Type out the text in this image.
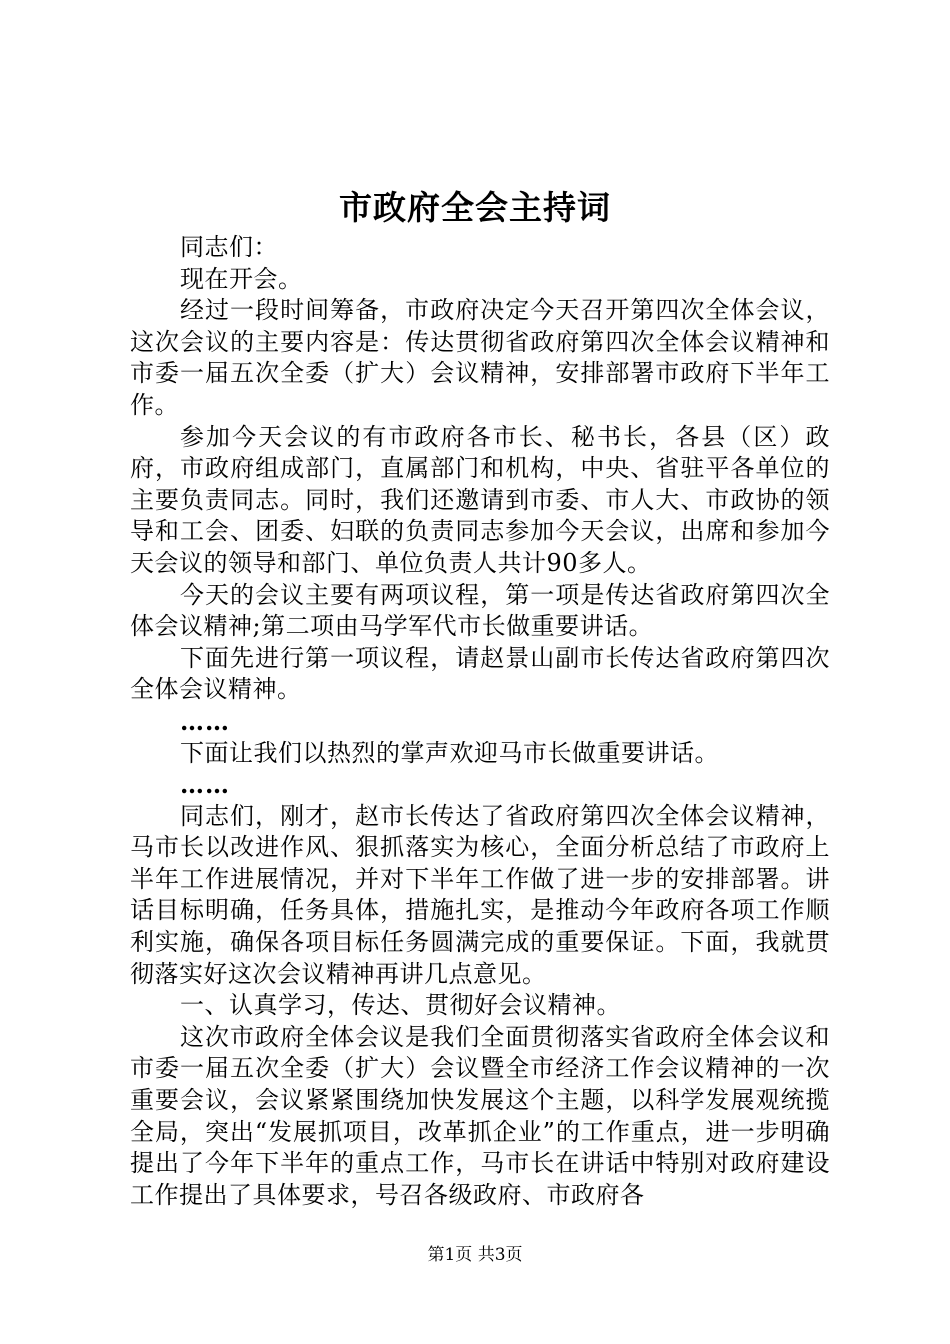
市政府全会主持词

同志们：

现在开会。

经过一段时间筹备，市政府决定今天召开第四次全体会议，这次会议的主要内容是：传达贯彻省政府第四次全体会议精神和市委一届五次全委（扩大）会议精神，安排部署市政府下半年工作。

参加今天会议的有市政府各市长、秘书长，各县（区）政府，市政府组成部门，直属部门和机构，中央、省驻平各单位的主要负责同志。同时，我们还邀请到市委、市人大、市政协的领导和工会、团委、妇联的负责同志参加今天会议，出席和参加今天会议的领导和部门、单位负责人共计90多人。

今天的会议主要有两项议程，第一项是传达省政府第四次全体会议精神;第二项由马学军代市长做重要讲话。

下面先进行第一项议程，请赵景山副市长传达省政府第四次全体会议精神。

……

下面让我们以热烈的掌声欢迎马市长做重要讲话。

……

同志们，刚才，赵市长传达了省政府第四次全体会议精神，马市长以改进作风、狠抓落实为核心，全面分析总结了市政府上半年工作进展情况，并对下半年工作做了进一步的安排部署。讲话目标明确，任务具体，措施扎实，是推动今年政府各项工作顺利实施，确保各项目标任务圆满完成的重要保证。下面，我就贯彻落实好这次会议精神再讲几点意见。

一、认真学习，传达、贯彻好会议精神。

这次市政府全体会议是我们全面贯彻落实省政府全体会议和市委一届五次全委（扩大）会议暨全市经济工作会议精神的一次重要会议，会议紧紧围绕加快发展这个主题，以科学发展观统揽全局，突出“发展抓项目，改革抓企业”的工作重点，进一步明确提出了今年下半年的重点工作，马市长在讲话中特别对政府建设工作提出了具体要求，号召各级政府、市政府各

第1页 共3页
